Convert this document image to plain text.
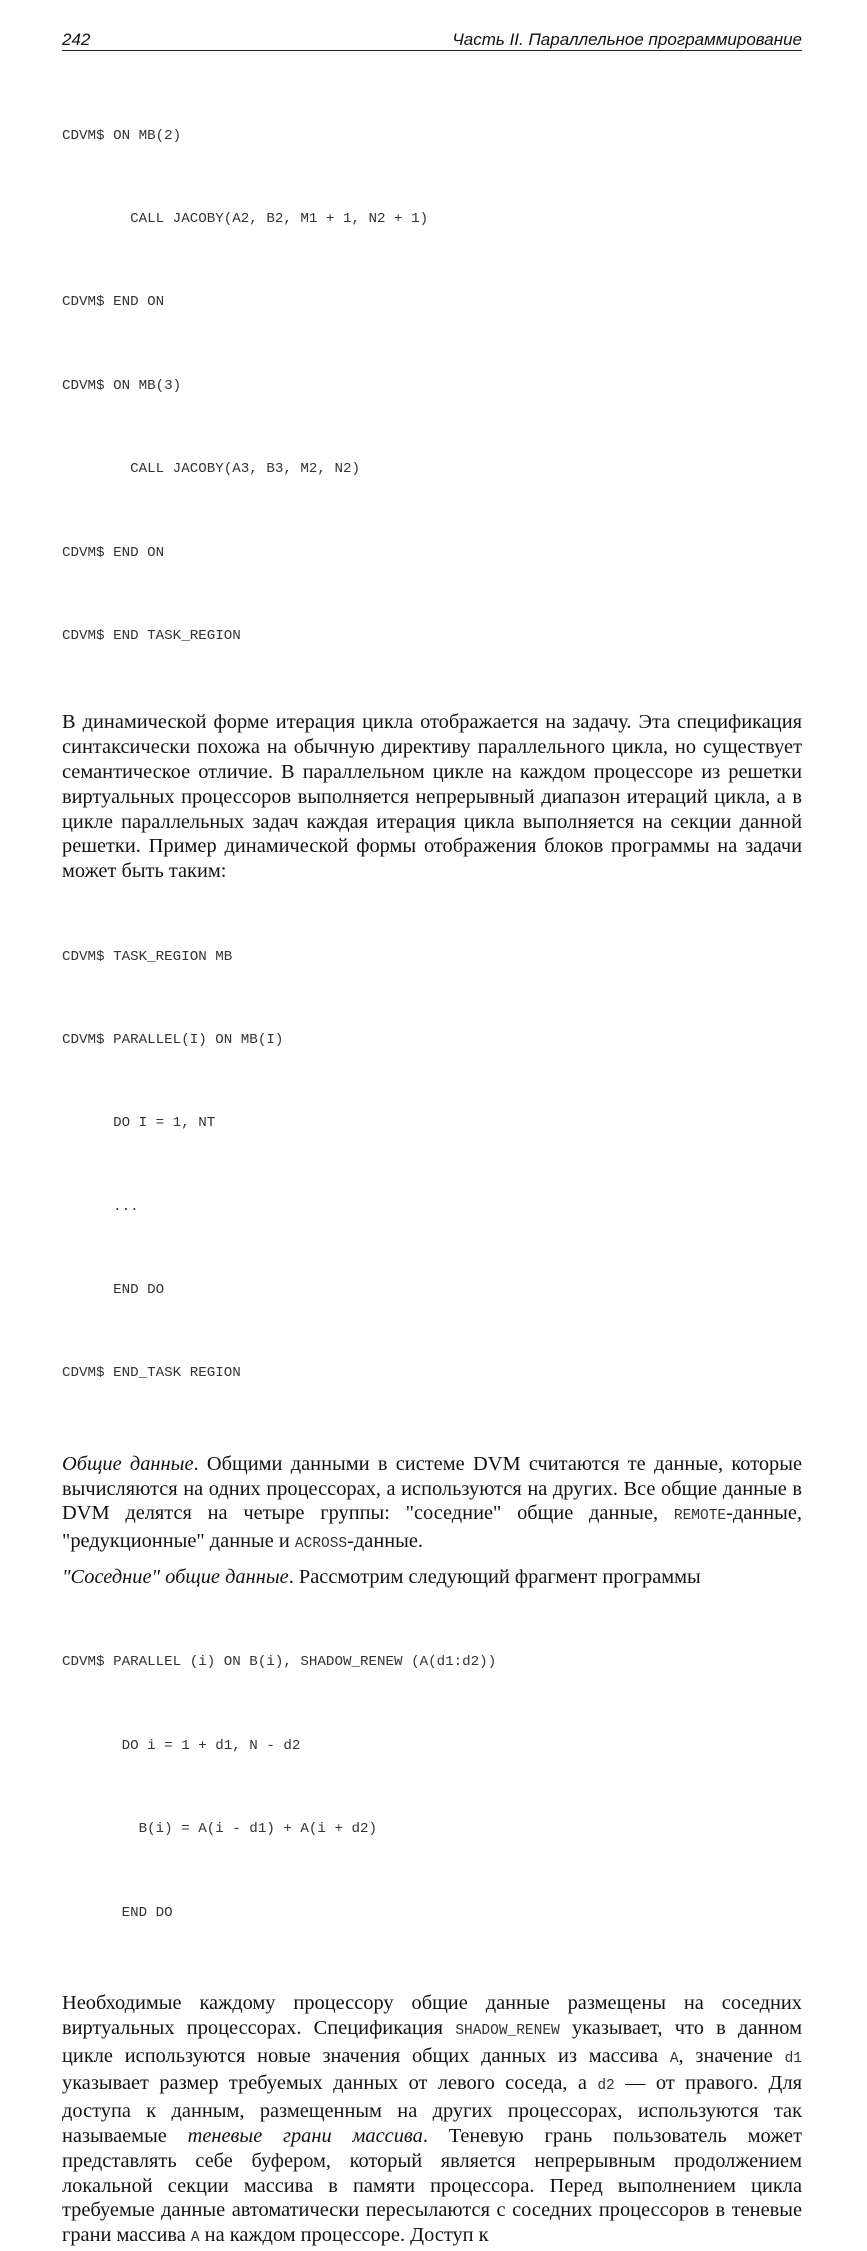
242	Часть II. Параллельное программирование

CDVM$ ON MB(2)

CALL JACOBY(A2, B2, M1 + 1, N2 + 1)

CDVM$ END ON

CDVM$ ON MB(3)

CALL JACOBY(A3, B3, M2, N2)

CDVM$ END ON

CDVM$ END TASK_REGION

В динамической форме итерация цикла отображается на задачу. Эта спецификация синтаксически похожа на обычную директиву параллельного цикла, но существует семантическое отличие. В параллельном цикле на каждом процессоре из решетки виртуальных процессоров выполняется непрерывный диапазон итераций цикла, а в цикле параллельных задач каждая итерация цикла выполняется на секции данной решетки. Пример динамической формы отображения блоков программы на задачи может быть таким:

CDVM$ TASK_REGION MB

CDVM$ PARALLEL(I) ON MB(I)

DO I = 1, NT

...

END DO

CDVM$ END_TASK REGION

Общие данные. Общими данными в системе DVM считаются те данные, которые вычисляются на одних процессорах, а используются на других. Все общие данные в DVM делятся на четыре группы: "соседние" общие данные, REMOTE-данные, "редукционные" данные и ACROSS-данные.

"Соседние" общие данные. Рассмотрим следующий фрагмент программы

CDVM$ PARALLEL (i) ON B(i), SHADOW_RENEW (A(d1:d2))

DO i = 1 + d1, N - d2

B(i) = A(i - d1) + A(i + d2)

END DO

Необходимые каждому процессору общие данные размещены на соседних виртуальных процессорах. Спецификация SHADOW_RENEW указывает, что в данном цикле используются новые значения общих данных из массива A, значение d1 указывает размер требуемых данных от левого соседа, а d2 — от правого. Для доступа к данным, размещенным на других процессорах, используются так называемые теневые грани массива. Теневую грань пользователь может представлять себе буфером, который является непрерывным продолжением локальной секции массива в памяти процессора. Перед выполнением цикла требуемые данные автоматически пересылаются с соседних процессоров в теневые грани массива A на каждом процессоре. Доступ к
